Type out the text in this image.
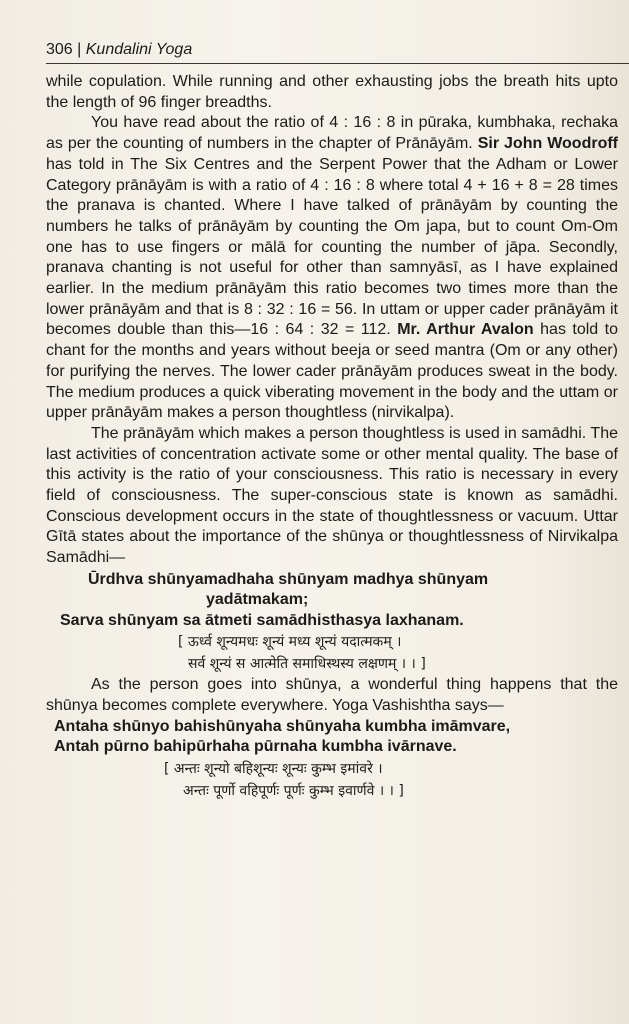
306 | Kundalini Yoga

while copulation. While running and other exhausting jobs the breath hits upto the length of 96 finger breadths.

You have read about the ratio of 4 : 16 : 8 in pūraka, kumbhaka, rechaka as per the counting of numbers in the chapter of Prānāyām. Sir John Woodroff has told in The Six Centres and the Serpent Power that the Adham or Lower Category prānāyām is with a ratio of 4 : 16 : 8 where total 4 + 16 + 8 = 28 times the pranava is chanted. Where I have talked of prānāyām by counting the numbers he talks of prānāyām by counting the Om japa, but to count Om-Om one has to use fingers or mālā for counting the number of jāpa. Secondly, pranava chanting is not useful for other than samnyāsī, as I have explained earlier. In the medium prānāyām this ratio becomes two times more than the lower prānāyām and that is 8 : 32 : 16 = 56. In uttam or upper cader prānāyām it becomes double than this—16 : 64 : 32 = 112. Mr. Arthur Avalon has told to chant for the months and years without beeja or seed mantra (Om or any other) for purifying the nerves. The lower cader prānāyām produces sweat in the body. The medium produces a quick viberating movement in the body and the uttam or upper prānāyām makes a person thoughtless (nirvikalpa).

The prānāyām which makes a person thoughtless is used in samādhi. The last activities of concentration activate some or other mental quality. The base of this activity is the ratio of your consciousness. This ratio is necessary in every field of consciousness. The super-conscious state is known as samādhi. Conscious development occurs in the state of thoughtlessness or vacuum. Uttar Gītā states about the importance of the shūnya or thoughtlessness of Nirvikalpa Samādhi—

Ūrdhva shūnyamadhaha shūnyam madhya shūnyam

yadātmakam;

Sarva shūnyam sa ātmeti samādhisthasya laxhanam.

[ ऊर्ध्व शून्यमधः शून्यं मध्य शून्यं यदात्मकम् ।

सर्व शून्यं स आत्मेति समाधिस्थस्य लक्षणम् । । ]

As the person goes into shūnya, a wonderful thing happens that the shūnya becomes complete everywhere. Yoga Vashishtha says—

Antaha shūnyo bahishūnyaha shūnyaha kumbha imāmvare,

Antah pūrno bahipūrhaha pūrnaha kumbha ivārnave.

[ अन्तः शून्यो बहिशून्यः शून्यः कुम्भ इमांवरे ।

अन्तः पूर्णो वहिपूर्णः पूर्णः कुम्भ इवार्णवे । । ]
